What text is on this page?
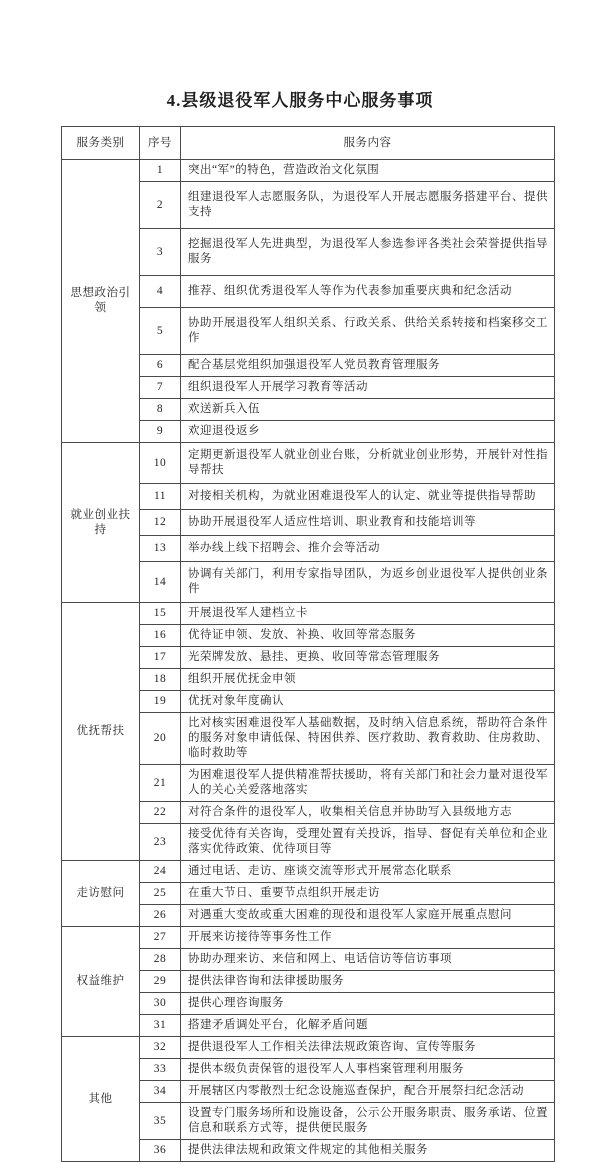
4.县级退役军人服务中心服务事项
服务类别	序号	服务内容
思想政治引领	1	突出“军”的特色，营造政治文化氛围
	2	组建退役军人志愿服务队，为退役军人开展志愿服务搭建平台、提供支持
	3	挖掘退役军人先进典型，为退役军人参选参评各类社会荣誉提供指导服务
	4	推荐、组织优秀退役军人等作为代表参加重要庆典和纪念活动
	5	协助开展退役军人组织关系、行政关系、供给关系转接和档案移交工作
	6	配合基层党组织加强退役军人党员教育管理服务
	7	组织退役军人开展学习教育等活动
	8	欢送新兵入伍
	9	欢迎退役返乡
就业创业扶持	10	定期更新退役军人就业创业台账，分析就业创业形势，开展针对性指导帮扶
	11	对接相关机构，为就业困难退役军人的认定、就业等提供指导帮助
	12	协助开展退役军人适应性培训、职业教育和技能培训等
	13	举办线上线下招聘会、推介会等活动
	14	协调有关部门，利用专家指导团队，为返乡创业退役军人提供创业条件
优抚帮扶	15	开展退役军人建档立卡
	16	优待证申领、发放、补换、收回等常态服务
	17	光荣牌发放、悬挂、更换、收回等常态管理服务
	18	组织开展优抚金申领
	19	优抚对象年度确认
	20	比对核实困难退役军人基础数据，及时纳入信息系统，帮助符合条件的服务对象申请低保、特困供养、医疗救助、教育救助、住房救助、临时救助等
	21	为困难退役军人提供精准帮扶援助，将有关部门和社会力量对退役军人的关心关爱落地落实
	22	对符合条件的退役军人，收集相关信息并协助写入县级地方志
	23	接受优待有关咨询，受理处置有关投诉，指导、督促有关单位和企业落实优待政策、优待项目等
走访慰问	24	通过电话、走访、座谈交流等形式开展常态化联系
	25	在重大节日、重要节点组织开展走访
	26	对遇重大变故或重大困难的现役和退役军人家庭开展重点慰问
权益维护	27	开展来访接待等事务性工作
	28	协助办理来访、来信和网上、电话信访等信访事项
	29	提供法律咨询和法律援助服务
	30	提供心理咨询服务
	31	搭建矛盾调处平台，化解矛盾问题
其他	32	提供退役军人工作相关法律法规政策咨询、宣传等服务
	33	提供本级负责保管的退役军人人事档案管理利用服务
	34	开展辖区内零散烈士纪念设施巡查保护，配合开展祭扫纪念活动
	35	设置专门服务场所和设施设备，公示公开服务职责、服务承诺、位置信息和联系方式等，提供便民服务
	36	提供法律法规和政策文件规定的其他相关服务
